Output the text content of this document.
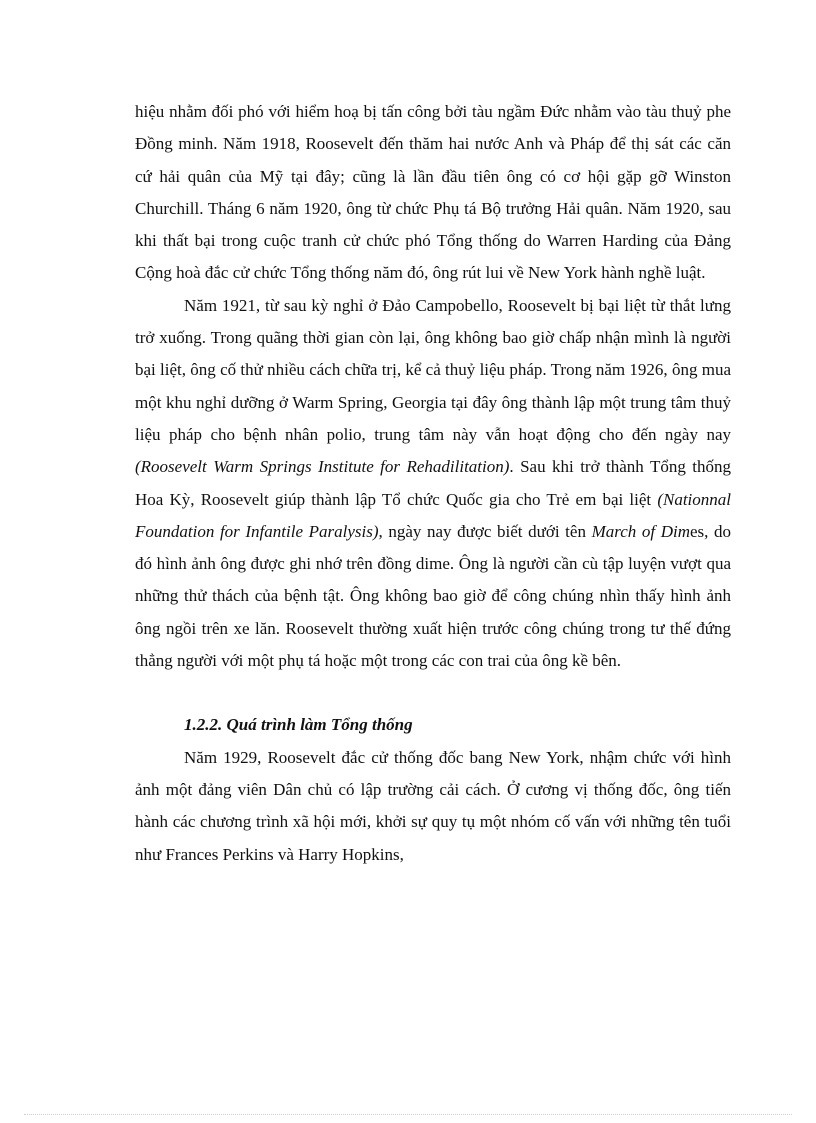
hiệu nhằm đối phó với hiểm hoạ bị tấn công bởi tàu ngầm Đức nhằm vào tàu thuỷ phe Đồng minh. Năm 1918, Roosevelt đến thăm hai nước Anh và Pháp để thị sát các căn cứ hải quân của Mỹ tại đây; cũng là lần đầu tiên ông có cơ hội gặp gỡ Winston Churchill. Tháng 6 năm 1920, ông từ chức Phụ tá Bộ trưởng Hải quân. Năm 1920, sau khi thất bại trong cuộc tranh cử chức phó Tổng thống do Warren Harding của Đảng Cộng hoà đắc cử chức Tổng thống năm đó, ông rút lui về New York hành nghề luật.

Năm 1921, từ sau kỳ nghỉ ở Đảo Campobello, Roosevelt bị bại liệt từ thắt lưng trở xuống. Trong quãng thời gian còn lại, ông không bao giờ chấp nhận mình là người bại liệt, ông cố thử nhiều cách chữa trị, kể cả thuỷ liệu pháp. Trong năm 1926, ông mua một khu nghỉ dưỡng ở Warm Spring, Georgia tại đây ông thành lập một trung tâm thuỷ liệu pháp cho bệnh nhân polio, trung tâm này vẫn hoạt động cho đến ngày nay (Roosevelt Warm Springs Institute for Rehadilitation). Sau khi trở thành Tổng thống Hoa Kỳ, Roosevelt giúp thành lập Tổ chức Quốc gia cho Trẻ em bại liệt (Nationnal Foundation for Infantile Paralysis), ngày nay được biết dưới tên March of Dimes, do đó hình ảnh ông được ghi nhớ trên đồng dime. Ông là người cần cù tập luyện vượt qua những thử thách của bệnh tật. Ông không bao giờ để công chúng nhìn thấy hình ảnh ông ngồi trên xe lăn. Roosevelt thường xuất hiện trước công chúng trong tư thế đứng thẳng người với một phụ tá hoặc một trong các con trai của ông kề bên.

1.2.2. Quá trình làm Tổng thống

Năm 1929, Roosevelt đắc cử thống đốc bang New York, nhậm chức với hình ảnh một đảng viên Dân chủ có lập trường cải cách. Ở cương vị thống đốc, ông tiến hành các chương trình xã hội mới, khởi sự quy tụ một nhóm cố vấn với những tên tuổi như Frances Perkins và Harry Hopkins,
